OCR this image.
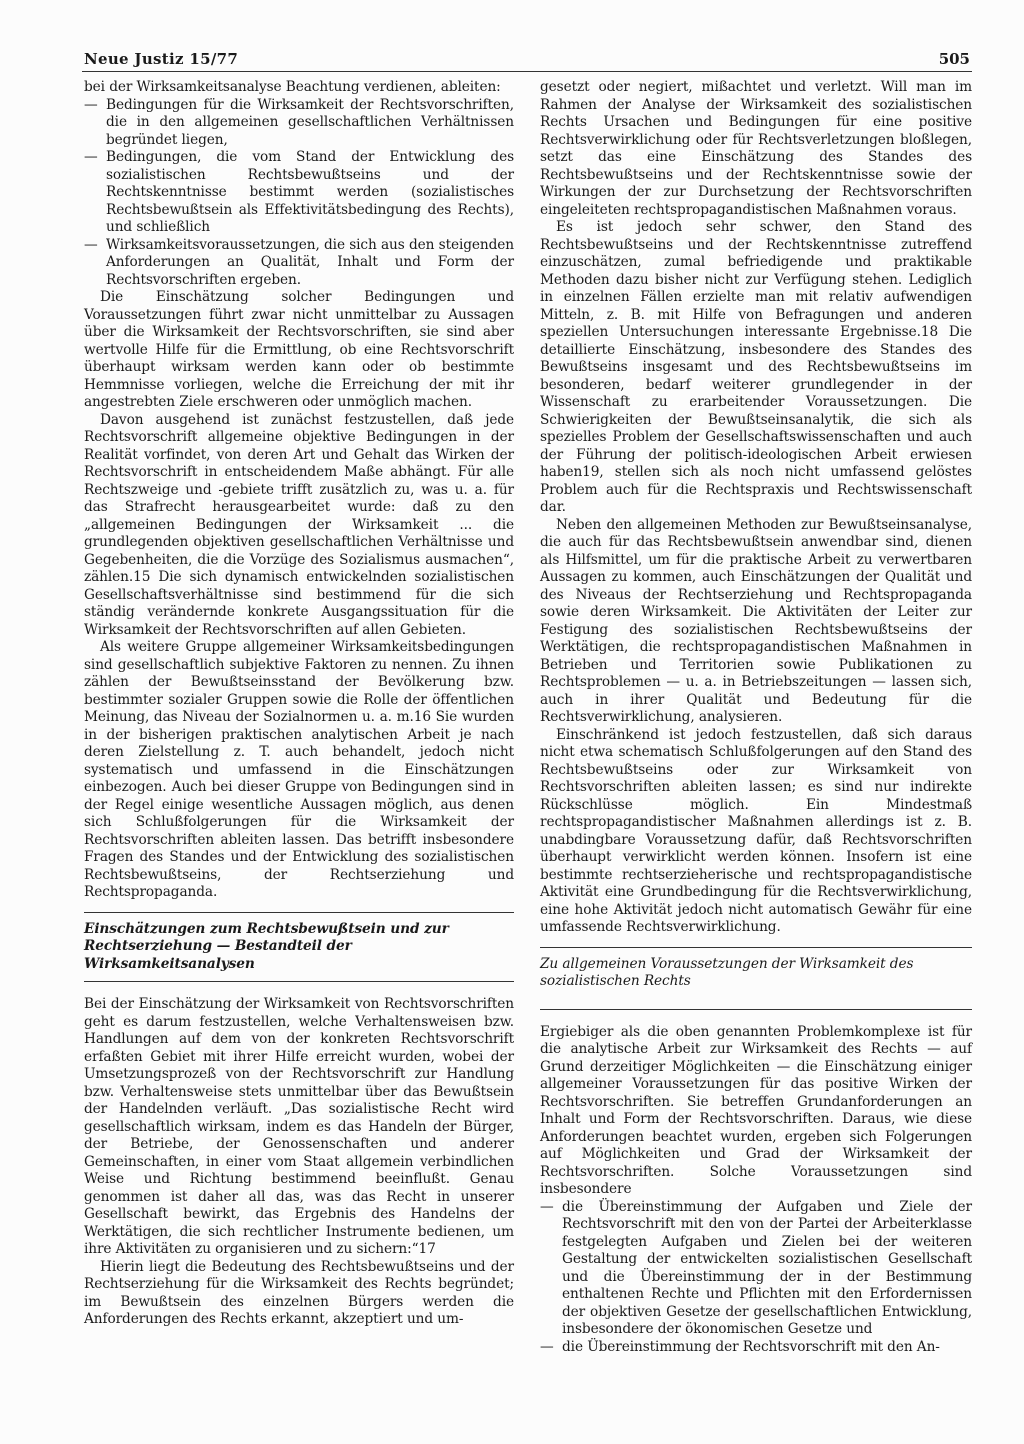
Neue Justiz 15/77	505

bei der Wirksamkeitsanalyse Beachtung verdienen, ableiten:

— Bedingungen für die Wirksamkeit der Rechtsvorschriften, die in den allgemeinen gesellschaftlichen Verhältnissen begründet liegen,
— Bedingungen, die vom Stand der Entwicklung des sozialistischen Rechtsbewußtseins und der Rechtskenntnisse bestimmt werden (sozialistisches Rechtsbewußtsein als Effektivitätsbedingung des Rechts), und schließlich
— Wirksamkeitsvoraussetzungen, die sich aus den steigenden Anforderungen an Qualität, Inhalt und Form der Rechtsvorschriften ergeben.

Die Einschätzung solcher Bedingungen und Voraussetzungen führt zwar nicht unmittelbar zu Aussagen über die Wirksamkeit der Rechtsvorschriften, sie sind aber wertvolle Hilfe für die Ermittlung, ob eine Rechtsvorschrift überhaupt wirksam werden kann oder ob bestimmte Hemmnisse vorliegen, welche die Erreichung der mit ihr angestrebten Ziele erschweren oder unmöglich machen.

Davon ausgehend ist zunächst festzustellen, daß jede Rechtsvorschrift allgemeine objektive Bedingungen in der Realität vorfindet, von deren Art und Gehalt das Wirken der Rechtsvorschrift in entscheidendem Maße abhängt. Für alle Rechtszweige und -gebiete trifft zusätzlich zu, was u. a. für das Strafrecht herausgearbeitet wurde: daß zu den „allgemeinen Bedingungen der Wirksamkeit ... die grundlegenden objektiven gesellschaftlichen Verhältnisse und Gegebenheiten, die die Vorzüge des Sozialismus ausmachen“, zählen.15 Die sich dynamisch entwickelnden sozialistischen Gesellschaftsverhältnisse sind bestimmend für die sich ständig verändernde konkrete Ausgangssituation für die Wirksamkeit der Rechtsvorschriften auf allen Gebieten.

Als weitere Gruppe allgemeiner Wirksamkeitsbedingungen sind gesellschaftlich subjektive Faktoren zu nennen. Zu ihnen zählen der Bewußtseinsstand der Bevölkerung bzw. bestimmter sozialer Gruppen sowie die Rolle der öffentlichen Meinung, das Niveau der Sozialnormen u. a. m.16 Sie wurden in der bisherigen praktischen analytischen Arbeit je nach deren Zielstellung z. T. auch behandelt, jedoch nicht systematisch und umfassend in die Einschätzungen einbezogen. Auch bei dieser Gruppe von Bedingungen sind in der Regel einige wesentliche Aussagen möglich, aus denen sich Schlußfolgerungen für die Wirksamkeit der Rechtsvorschriften ableiten lassen. Das betrifft insbesondere Fragen des Standes und der Entwicklung des sozialistischen Rechtsbewußtseins, der Rechtserziehung und Rechtspropaganda.

Einschätzungen zum Rechtsbewußtsein und zur Rechtserziehung — Bestandteil der Wirksamkeitsanalysen

Bei der Einschätzung der Wirksamkeit von Rechtsvorschriften geht es darum festzustellen, welche Verhaltensweisen bzw. Handlungen auf dem von der konkreten Rechtsvorschrift erfaßten Gebiet mit ihrer Hilfe erreicht wurden, wobei der Umsetzungsprozeß von der Rechtsvorschrift zur Handlung bzw. Verhaltensweise stets unmittelbar über das Bewußtsein der Handelnden verläuft. „Das sozialistische Recht wird gesellschaftlich wirksam, indem es das Handeln der Bürger, der Betriebe, der Genossenschaften und anderer Gemeinschaften, in einer vom Staat allgemein verbindlichen Weise und Richtung bestimmend beeinflußt. Genau genommen ist daher all das, was das Recht in unserer Gesellschaft bewirkt, das Ergebnis des Handelns der Werktätigen, die sich rechtlicher Instrumente bedienen, um ihre Aktivitäten zu organisieren und zu sichern:“17

Hierin liegt die Bedeutung des Rechtsbewußtseins und der Rechtserziehung für die Wirksamkeit des Rechts begründet; im Bewußtsein des einzelnen Bürgers werden die Anforderungen des Rechts erkannt, akzeptiert und um-

gesetzt oder negiert, mißachtet und verletzt. Will man im Rahmen der Analyse der Wirksamkeit des sozialistischen Rechts Ursachen und Bedingungen für eine positive Rechtsverwirklichung oder für Rechtsverletzungen bloßlegen, setzt das eine Einschätzung des Standes des Rechtsbewußtseins und der Rechtskenntnisse sowie der Wirkungen der zur Durchsetzung der Rechtsvorschriften eingeleiteten rechtspropagandistischen Maßnahmen voraus.

Es ist jedoch sehr schwer, den Stand des Rechtsbewußtseins und der Rechtskenntnisse zutreffend einzuschätzen, zumal befriedigende und praktikable Methoden dazu bisher nicht zur Verfügung stehen. Lediglich in einzelnen Fällen erzielte man mit relativ aufwendigen Mitteln, z. B. mit Hilfe von Befragungen und anderen speziellen Untersuchungen interessante Ergebnisse.18 Die detaillierte Einschätzung, insbesondere des Standes des Bewußtseins insgesamt und des Rechtsbewußtseins im besonderen, bedarf weiterer grundlegender in der Wissenschaft zu erarbeitender Voraussetzungen. Die Schwierigkeiten der Bewußtseinsanalytik, die sich als spezielles Problem der Gesellschaftswissenschaften und auch der Führung der politisch-ideologischen Arbeit erwiesen haben19, stellen sich als noch nicht umfassend gelöstes Problem auch für die Rechtspraxis und Rechtswissenschaft dar.

Neben den allgemeinen Methoden zur Bewußtseinsanalyse, die auch für das Rechtsbewußtsein anwendbar sind, dienen als Hilfsmittel, um für die praktische Arbeit zu verwertbaren Aussagen zu kommen, auch Einschätzungen der Qualität und des Niveaus der Rechtserziehung und Rechtspropaganda sowie deren Wirksamkeit. Die Aktivitäten der Leiter zur Festigung des sozialistischen Rechtsbewußtseins der Werktätigen, die rechtspropagandistischen Maßnahmen in Betrieben und Territorien sowie Publikationen zu Rechtsproblemen — u. a. in Betriebszeitungen — lassen sich, auch in ihrer Qualität und Bedeutung für die Rechtsverwirklichung, analysieren.

Einschränkend ist jedoch festzustellen, daß sich daraus nicht etwa schematisch Schlußfolgerungen auf den Stand des Rechtsbewußtseins oder zur Wirksamkeit von Rechtsvorschriften ableiten lassen; es sind nur indirekte Rückschlüsse möglich. Ein Mindestmaß rechtspropagandistischer Maßnahmen allerdings ist z. B. unabdingbare Voraussetzung dafür, daß Rechtsvorschriften überhaupt verwirklicht werden können. Insofern ist eine bestimmte rechtserzieherische und rechtspropagandistische Aktivität eine Grundbedingung für die Rechtsverwirklichung, eine hohe Aktivität jedoch nicht automatisch Gewähr für eine umfassende Rechtsverwirklichung.

Zu allgemeinen Voraussetzungen der Wirksamkeit des sozialistischen Rechts

Ergiebiger als die oben genannten Problemkomplexe ist für die analytische Arbeit zur Wirksamkeit des Rechts — auf Grund derzeitiger Möglichkeiten — die Einschätzung einiger allgemeiner Voraussetzungen für das positive Wirken der Rechtsvorschriften. Sie betreffen Grundanforderungen an Inhalt und Form der Rechtsvorschriften. Daraus, wie diese Anforderungen beachtet wurden, ergeben sich Folgerungen auf Möglichkeiten und Grad der Wirksamkeit der Rechtsvorschriften. Solche Voraussetzungen sind insbesondere

— die Übereinstimmung der Aufgaben und Ziele der Rechtsvorschrift mit den von der Partei der Arbeiterklasse festgelegten Aufgaben und Zielen bei der weiteren Gestaltung der entwickelten sozialistischen Gesellschaft und die Übereinstimmung der in der Bestimmung enthaltenen Rechte und Pflichten mit den Erfordernissen der objektiven Gesetze der gesellschaftlichen Entwicklung, insbesondere der ökonomischen Gesetze und
— die Übereinstimmung der Rechtsvorschrift mit den An-
